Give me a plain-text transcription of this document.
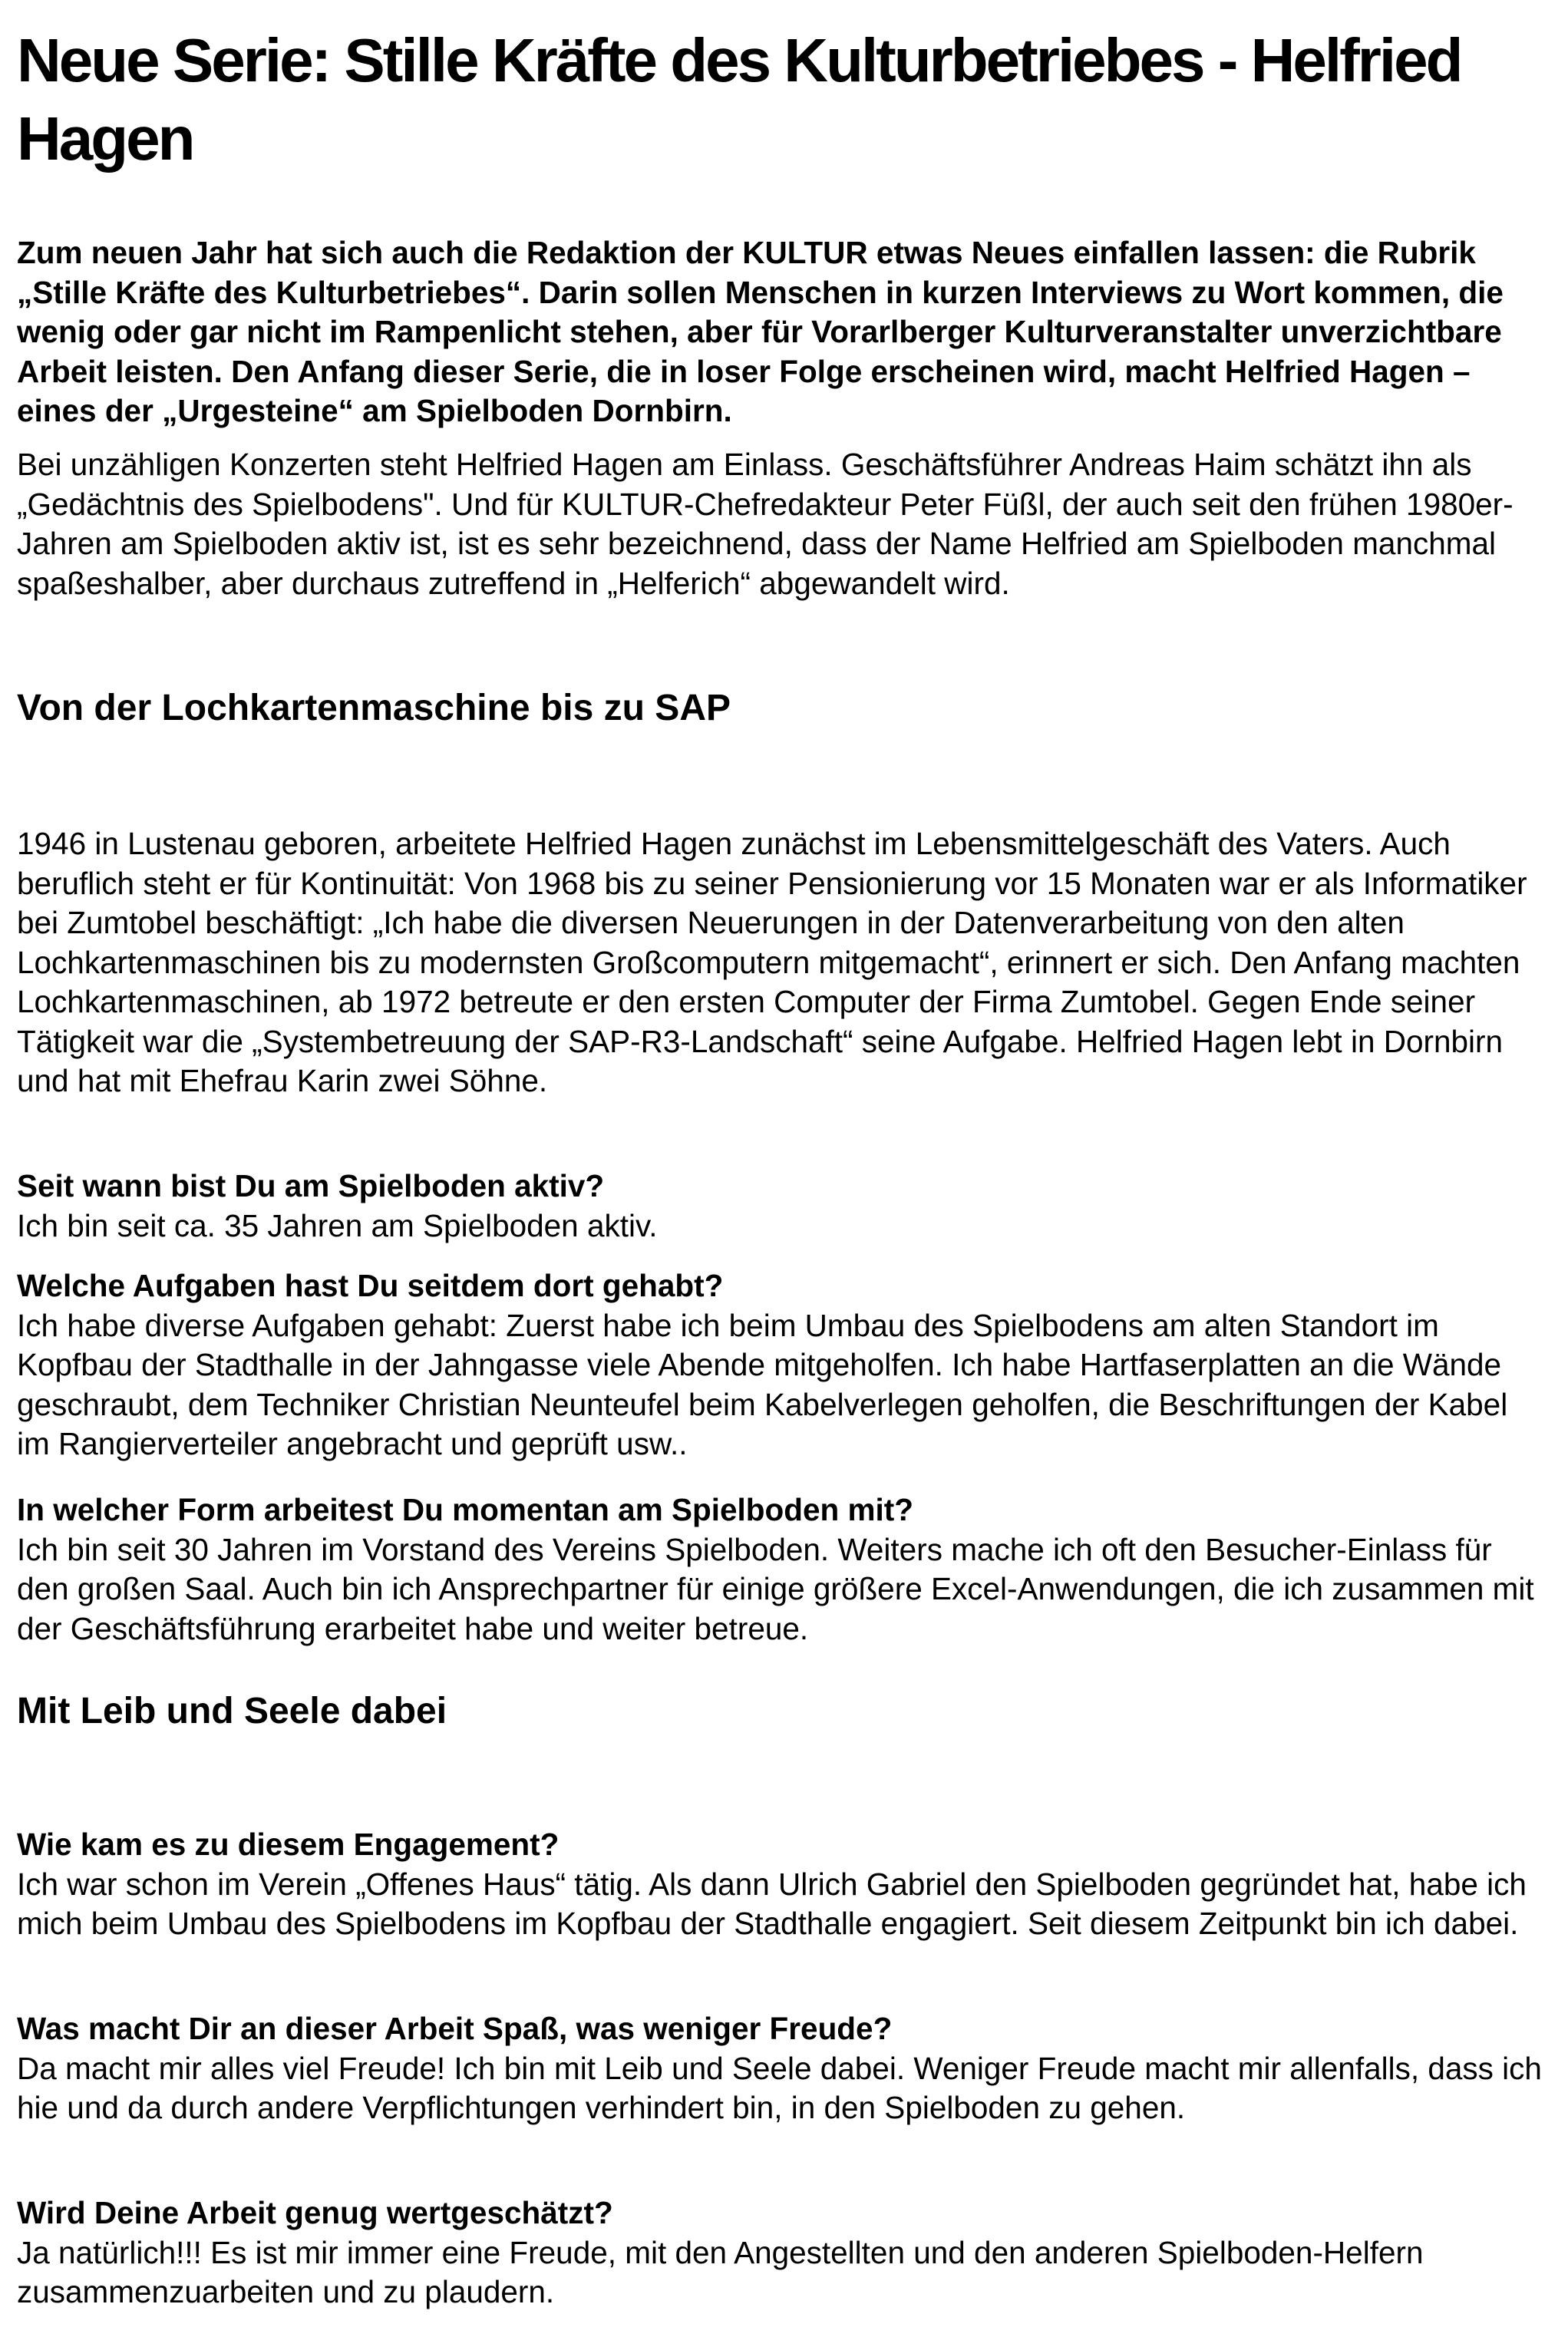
Neue Serie: Stille Kräfte des Kulturbetriebes - Helfried Hagen

Zum neuen Jahr hat sich auch die Redaktion der KULTUR etwas Neues einfallen lassen: die Rubrik „Stille Kräfte des Kulturbetriebes“. Darin sollen Menschen in kurzen Interviews zu Wort kommen, die wenig oder gar nicht im Rampenlicht stehen, aber für Vorarlberger Kulturveranstalter unverzichtbare Arbeit leisten. Den Anfang dieser Serie, die in loser Folge erscheinen wird, macht Helfried Hagen – eines der „Urgesteine“ am Spielboden Dornbirn.

Bei unzähligen Konzerten steht Helfried Hagen am Einlass. Geschäftsführer Andreas Haim schätzt ihn als „Gedächtnis des Spielbodens". Und für KULTUR-Chefredakteur Peter Füßl, der auch seit den frühen 1980er-Jahren am Spielboden aktiv ist, ist es sehr bezeichnend, dass der Name Helfried am Spielboden manchmal spaßeshalber, aber durchaus zutreffend in „Helferich“ abgewandelt wird.

Von der Lochkartenmaschine bis zu SAP

1946 in Lustenau geboren, arbeitete Helfried Hagen zunächst im Lebensmittelgeschäft des Vaters. Auch beruflich steht er für Kontinuität: Von 1968 bis zu seiner Pensionierung vor 15 Monaten war er als Informatiker bei Zumtobel beschäftigt: „Ich habe die diversen Neuerungen in der Datenverarbeitung von den alten Lochkartenmaschinen bis zu modernsten Großcomputern mitgemacht“, erinnert er sich. Den Anfang machten Lochkartenmaschinen, ab 1972 betreute er den ersten Computer der Firma Zumtobel. Gegen Ende seiner Tätigkeit war die „Systembetreuung der SAP-R3-Landschaft“ seine Aufgabe. Helfried Hagen lebt in Dornbirn und hat mit Ehefrau Karin zwei Söhne.

Seit wann bist Du am Spielboden aktiv?

Ich bin seit ca. 35 Jahren am Spielboden aktiv.

Welche Aufgaben hast Du seitdem dort gehabt?

Ich habe diverse Aufgaben gehabt: Zuerst habe ich beim Umbau des Spielbodens am alten Standort im Kopfbau der Stadthalle in der Jahngasse viele Abende mitgeholfen. Ich habe Hartfaserplatten an die Wände geschraubt, dem Techniker Christian Neunteufel beim Kabelverlegen geholfen, die Beschriftungen der Kabel im Rangierverteiler angebracht und geprüft usw..

In welcher Form arbeitest Du momentan am Spielboden mit?

Ich bin seit 30 Jahren im Vorstand des Vereins Spielboden. Weiters mache ich oft den Besucher-Einlass für den großen Saal. Auch bin ich Ansprechpartner für einige größere Excel-Anwendungen, die ich zusammen mit der Geschäftsführung erarbeitet habe und weiter betreue.

Mit Leib und Seele dabei

Wie kam es zu diesem Engagement?

Ich war schon im Verein „Offenes Haus“ tätig. Als dann Ulrich Gabriel den Spielboden gegründet hat, habe ich mich beim Umbau des Spielbodens im Kopfbau der Stadthalle engagiert. Seit diesem Zeitpunkt bin ich dabei.

Was macht Dir an dieser Arbeit Spaß, was weniger Freude?

Da macht mir alles viel Freude! Ich bin mit Leib und Seele dabei. Weniger Freude macht mir allenfalls, dass ich hie und da durch andere Verpflichtungen verhindert bin, in den Spielboden zu gehen.

Wird Deine Arbeit genug wertgeschätzt?

Ja natürlich!!! Es ist mir immer eine Freude, mit den Angestellten und den anderen Spielboden-Helfern zusammenzuarbeiten und zu plaudern.
